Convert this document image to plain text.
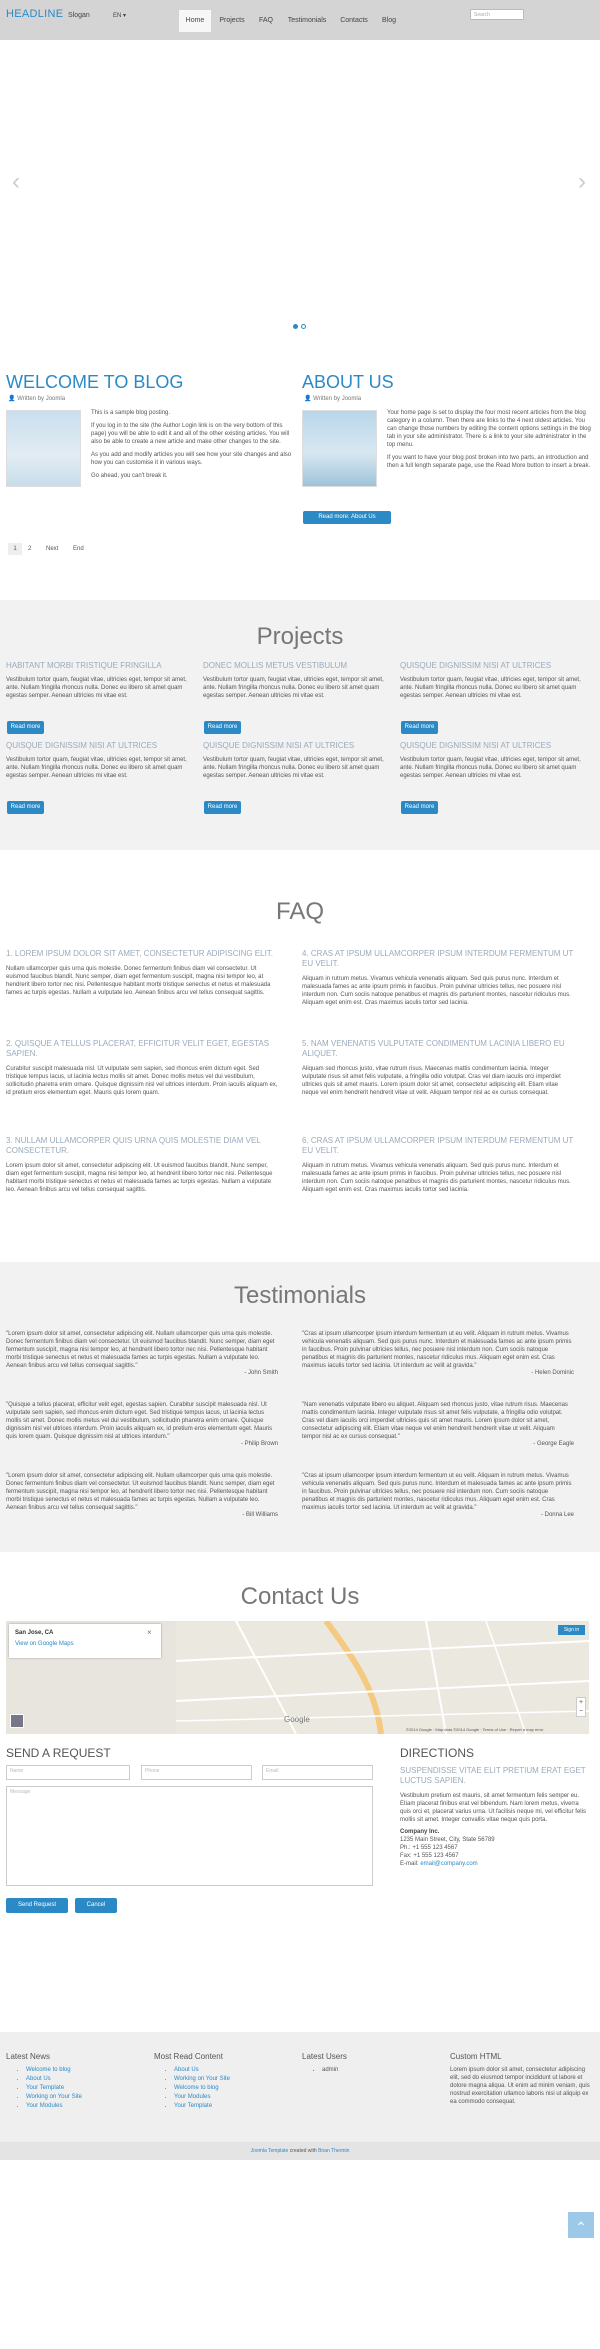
HEADLINE Slogan	EN ▾
Home	Projects	FAQ	Testimonials	Contacts	Blog
Search
‹	›
WELCOME TO BLOG
👤 Written by Joomla

This is a sample blog posting.

If you log in to the site (the Author Login link is on the very bottom of this page) you will be able to edit it and all of the other existing articles. You will also be able to create a new article and make other changes to the site.

As you add and modify articles you will see how your site changes and also how you can customise it in various ways.

Go ahead, you can't break it.

ABOUT US
👤 Written by Joomla

Your home page is set to display the four most recent articles from the blog category in a column. Then there are links to the 4 next oldest articles. You can change those numbers by editing the content options settings in the blog tab in your site administrator. There is a link to your site administrator in the top menu.

If you want to have your blog post broken into two parts, an introduction and then a full length separate page, use the Read More button to insert a break.

Read more: About Us
1	2 Next End
Projects
HABITANT MORBI TRISTIQUE FRINGILLA
Vestibulum tortor quam, feugiat vitae, ultricies eget, tempor sit amet, ante. Nullam fringilla rhoncus nulla. Donec eu libero sit amet quam egestas semper. Aenean ultricies mi vitae est.
Read more
DONEC MOLLIS METUS VESTIBULUM
Vestibulum tortor quam, feugiat vitae, ultricies eget, tempor sit amet, ante. Nullam fringilla rhoncus nulla. Donec eu libero sit amet quam egestas semper. Aenean ultricies mi vitae est.
Read more
QUISQUE DIGNISSIM NISI AT ULTRICES
Vestibulum tortor quam, feugiat vitae, ultricies eget, tempor sit amet, ante. Nullam fringilla rhoncus nulla. Donec eu libero sit amet quam egestas semper. Aenean ultricies mi vitae est.
Read more
QUISQUE DIGNISSIM NISI AT ULTRICES
Vestibulum tortor quam, feugiat vitae, ultricies eget, tempor sit amet, ante. Nullam fringilla rhoncus nulla. Donec eu libero sit amet quam egestas semper. Aenean ultricies mi vitae est.
Read more
QUISQUE DIGNISSIM NISI AT ULTRICES
Vestibulum tortor quam, feugiat vitae, ultricies eget, tempor sit amet, ante. Nullam fringilla rhoncus nulla. Donec eu libero sit amet quam egestas semper. Aenean ultricies mi vitae est.
Read more
QUISQUE DIGNISSIM NISI AT ULTRICES
Vestibulum tortor quam, feugiat vitae, ultricies eget, tempor sit amet, ante. Nullam fringilla rhoncus nulla. Donec eu libero sit amet quam egestas semper. Aenean ultricies mi vitae est.
Read more
FAQ
1. LOREM IPSUM DOLOR SIT AMET, CONSECTETUR ADIPISCING ELIT.
Nullam ullamcorper quis urna quis molestie. Donec fermentum finibus diam vel consectetur. Ut euismod faucibus blandit. Nunc semper, diam eget fermentum suscipit, magna nisi tempor leo, at hendrerit libero tortor nec nisi. Pellentesque habitant morbi tristique senectus et netus et malesuada fames ac turpis egestas. Nullam a vulputate leo. Aenean finibus arcu vel tellus consequat sagittis.
4. CRAS AT IPSUM ULLAMCORPER IPSUM INTERDUM FERMENTUM UT EU VELIT.
Aliquam in rutrum metus. Vivamus vehicula venenatis aliquam. Sed quis purus nunc. Interdum et malesuada fames ac ante ipsum primis in faucibus. Proin pulvinar ultricies tellus, nec posuere nisl interdum non. Cum sociis natoque penatibus et magnis dis parturient montes, nascetur ridiculus mus. Aliquam eget enim est. Cras maximus iaculis tortor sed lacinia.
2. QUISQUE A TELLUS PLACERAT, EFFICITUR VELIT EGET, EGESTAS SAPIEN.
Curabitur suscipit malesuada nisl. Ut vulputate sem sapien, sed rhoncus enim dictum eget. Sed tristique tempus lacus, ut lacinia lectus mollis sit amet. Donec mollis metus vel dui vestibulum, sollicitudin pharetra enim ornare. Quisque dignissim nisl vel ultrices interdum. Proin iaculis aliquam ex, id pretium eros elementum eget. Mauris quis lorem quam.
5. NAM VENENATIS VULPUTATE CONDIMENTUM LACINIA LIBERO EU ALIQUET.
Aliquam sed rhoncus justo, vitae rutrum risus. Maecenas mattis condimentum lacinia. Integer vulputate risus sit amet felis vulputate, a fringilla odio volutpat. Cras vel diam iaculis orci imperdiet ultricies quis sit amet mauris. Lorem ipsum dolor sit amet, consectetur adipiscing elit. Etiam vitae neque vel enim hendrerit hendrerit vitae ut velit. Aliquam tempor nisl ac ex cursus consequat.
3. NULLAM ULLAMCORPER QUIS URNA QUIS MOLESTIE DIAM VEL CONSECTETUR.
Lorem ipsum dolor sit amet, consectetur adipiscing elit. Ut euismod faucibus blandit. Nunc semper, diam eget fermentum suscipit, magna nisi tempor leo, at hendrerit libero tortor nec nisi. Pellentesque habitant morbi tristique senectus et netus et malesuada fames ac turpis egestas. Nullam a vulputate leo. Aenean finibus arcu vel tellus consequat sagittis.
6. CRAS AT IPSUM ULLAMCORPER IPSUM INTERDUM FERMENTUM UT EU VELIT.
Aliquam in rutrum metus. Vivamus vehicula venenatis aliquam. Sed quis purus nunc. Interdum et malesuada fames ac ante ipsum primis in faucibus. Proin pulvinar ultricies tellus, nec posuere nisl interdum non. Cum sociis natoque penatibus et magnis dis parturient montes, nascetur ridiculus mus. Aliquam eget enim est. Cras maximus iaculis tortor sed lacinia.
Testimonials
"Lorem ipsum dolor sit amet, consectetur adipiscing elit. Nullam ullamcorper quis urna quis molestie. Donec fermentum finibus diam vel consectetur. Ut euismod faucibus blandit. Nunc semper, diam eget fermentum suscipit, magna nisi tempor leo, at hendrerit libero tortor nec nisi. Pellentesque habitant morbi tristique senectus et netus et malesuada fames ac turpis egestas. Nullam a vulputate leo. Aenean finibus arcu vel tellus consequat sagittis."
- John Smith
"Cras at ipsum ullamcorper ipsum interdum fermentum ut eu velit. Aliquam in rutrum metus. Vivamus vehicula venenatis aliquam. Sed quis purus nunc. Interdum et malesuada fames ac ante ipsum primis in faucibus. Proin pulvinar ultricies tellus, nec posuere nisl interdum non. Cum sociis natoque penatibus et magnis dis parturient montes, nascetur ridiculus mus. Aliquam eget enim est. Cras maximus iaculis tortor sed lacinia. Ut interdum ac velit at gravida."
- Helen Dominic
"Quisque a tellus placerat, efficitur velit eget, egestas sapien. Curabitur suscipit malesuada nisl. Ut vulputate sem sapien, sed rhoncus enim dictum eget. Sed tristique tempus lacus, ut lacinia lectus mollis sit amet. Donec mollis metus vel dui vestibulum, sollicitudin pharetra enim ornare. Quisque dignissim nisl vel ultrices interdum. Proin iaculis aliquam ex, id pretium eros elementum eget. Mauris quis lorem quam. Quisque dignissim nisl at ultrices interdum."
- Philip Brown
"Nam venenatis vulputate libero eu aliquet. Aliquam sed rhoncus justo, vitae rutrum risus. Maecenas mattis condimentum lacinia. Integer vulputate risus sit amet felis vulputate, a fringilla odio volutpat. Cras vel diam iaculis orci imperdiet ultricies quis sit amet mauris. Lorem ipsum dolor sit amet, consectetur adipiscing elit. Etiam vitae neque vel enim hendrerit hendrerit vitae ut velit. Aliquam tempor nisl ac ex cursus consequat."
- George Eagle
"Lorem ipsum dolor sit amet, consectetur adipiscing elit. Nullam ullamcorper quis urna quis molestie. Donec fermentum finibus diam vel consectetur. Ut euismod faucibus blandit. Nunc semper, diam eget fermentum suscipit, magna nisi tempor leo, at hendrerit libero tortor nec nisi. Pellentesque habitant morbi tristique senectus et netus et malesuada fames ac turpis egestas. Nullam a vulputate leo. Aenean finibus arcu vel tellus consequat sagittis."
- Bill Williams
"Cras at ipsum ullamcorper ipsum interdum fermentum ut eu velit. Aliquam in rutrum metus. Vivamus vehicula venenatis aliquam. Sed quis purus nunc. Interdum et malesuada fames ac ante ipsum primis in faucibus. Proin pulvinar ultricies tellus, nec posuere nisl interdum non. Cum sociis natoque penatibus et magnis dis parturient montes, nascetur ridiculus mus. Aliquam eget enim est. Cras maximus iaculis tortor sed lacinia. Ut interdum ac velit at gravida."
- Donna Lee
Contact Us
San Jose, CA
View on Google Maps
×	Sign in
+
−
Google
©2014 Google · Map data ©2014 Google · Terms of Use · Report a map error
SEND A REQUEST
Name	Phone	Email
Message
Send Request	Cancel
DIRECTIONS
SUSPENDISSE VITAE ELIT PRETIUM ERAT EGET LUCTUS SAPIEN.
Vestibulum pretium est mauris, sit amet fermentum felis semper eu. Etiam placerat finibus erat vel bibendum. Nam lorem metus, viverra quis orci et, placerat varius urna. Ut facilisis neque mi, vel efficitur felis mollis sit amet. Integer convallis vitae neque quis porta.
Company Inc.
1235 Main Street, City, State 56789
Ph.: +1 555 123 4567
Fax: +1 555 123 4567
E-mail: email@company.com
Latest News
• Welcome to blog
• About Us
• Your Template
• Working on Your Site
• Your Modules
Most Read Content
• About Us
• Working on Your Site
• Welcome to blog
• Your Modules
• Your Template
Latest Users
• admin
Custom HTML
Lorem ipsum dolor sit amet, consectetur adipiscing elit, sed do eiusmod tempor incididunt ut labore et dolore magna aliqua. Ut enim ad minim veniam, quis nostrud exercitation ullamco laboris nisi ut aliquip ex ea commodo consequat.
Joomla Template created with Brian Thermin
⌃
